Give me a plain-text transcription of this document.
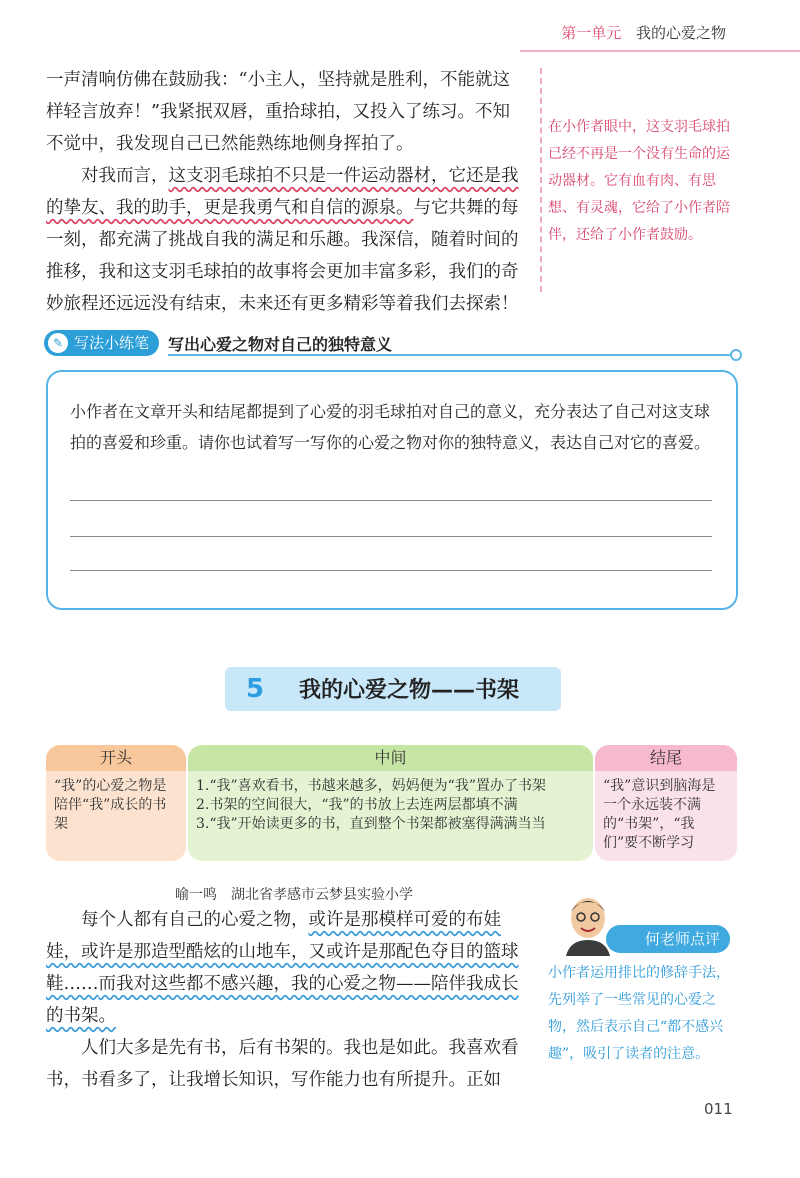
第一单元 我的心爱之物

一声清响仿佛在鼓励我：“小主人，坚持就是胜利，不能就这样轻言放弃！”我紧抿双唇，重拾球拍，又投入了练习。不知不觉中，我发现自己已然能熟练地侧身挥拍了。

对我而言，这支羽毛球拍不只是一件运动器材，它还是我的挚友、我的助手，更是我勇气和自信的源泉。与它共舞的每一刻，都充满了挑战自我的满足和乐趣。我深信，随着时间的推移，我和这支羽毛球拍的故事将会更加丰富多彩，我们的奇妙旅程还远远没有结束，未来还有更多精彩等着我们去探索！

在小作者眼中，这支羽毛球拍已经不再是一个没有生命的运动器材。它有血有肉、有思想、有灵魂，它给了小作者陪伴，还给了小作者鼓励。
✎ 写法小练笔	写出心爱之物对自己的独特意义
小作者在文章开头和结尾都提到了心爱的羽毛球拍对自己的意义，充分表达了自己对这支球拍的喜爱和珍重。请你也试着写一写你的心爱之物对你的独特意义，表达自己对它的喜爱。
5	我的心爱之物——书架
开头
“我”的心爱之物是陪伴“我”成长的书架
中间
1.“我”喜欢看书，书越来越多，妈妈便为“我”置办了书架
2.书架的空间很大，“我”的书放上去连两层都填不满
3.“我”开始读更多的书，直到整个书架都被塞得满满当当
结尾
“我”意识到脑海是一个永远装不满的“书架”，“我们”要不断学习
喻一鸣　湖北省孝感市云梦县实验小学

每个人都有自己的心爱之物，或许是那模样可爱的布娃娃，或许是那造型酷炫的山地车，又或许是那配色夺目的篮球鞋……而我对这些都不感兴趣，我的心爱之物——陪伴我成长的书架。

人们大多是先有书，后有书架的。我也是如此。我喜欢看书，书看多了，让我增长知识，写作能力也有所提升。正如

何老师点评
小作者运用排比的修辞手法，先列举了一些常见的心爱之物，然后表示自己“都不感兴趣”，吸引了读者的注意。
011
